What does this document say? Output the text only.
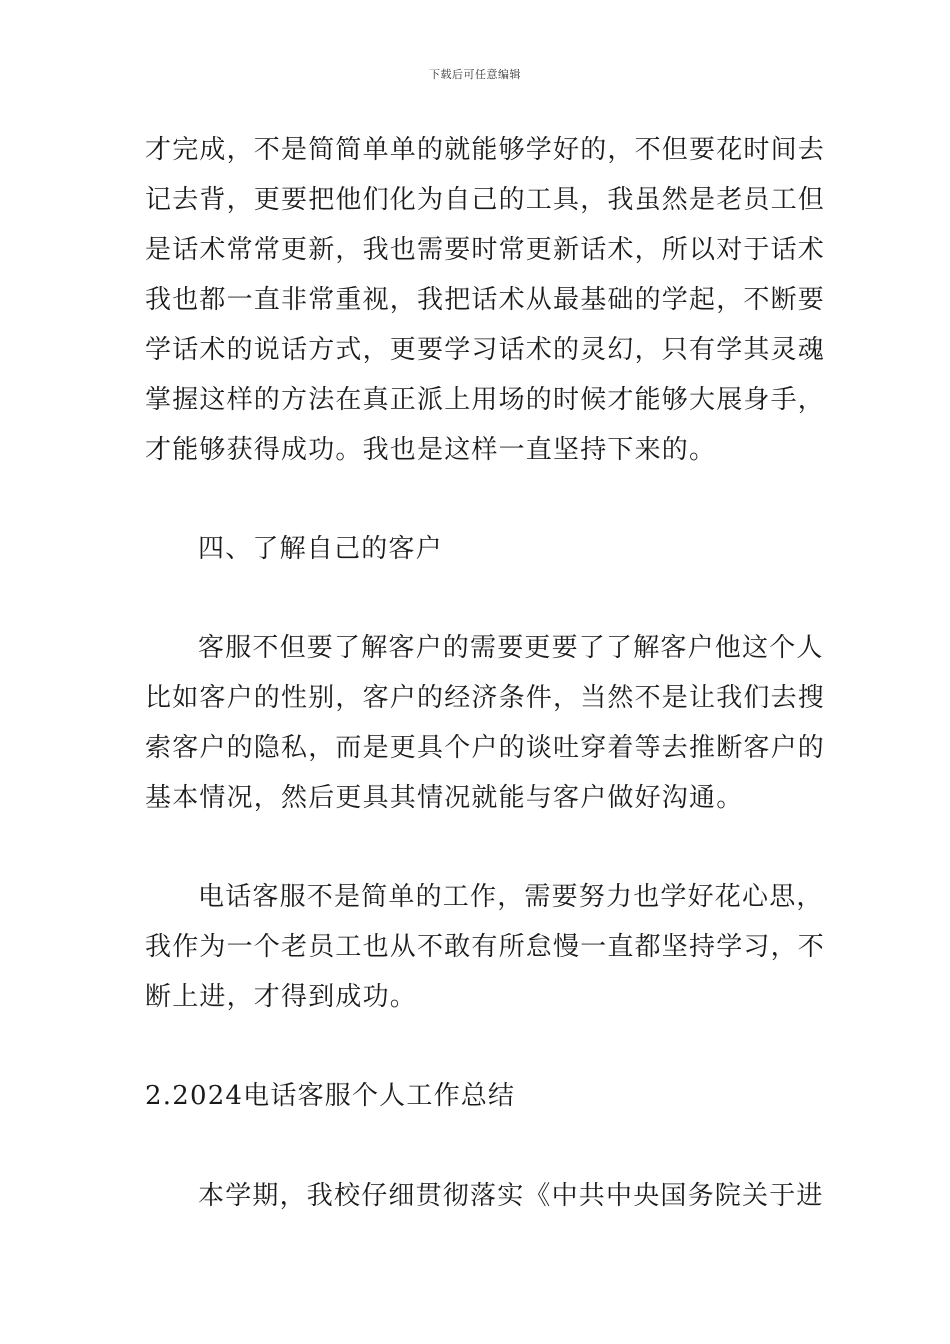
下载后可任意编辑
才完成，不是简简单单的就能够学好的，不但要花时间去
记去背，更要把他们化为自己的工具，我虽然是老员工但
是话术常常更新，我也需要时常更新话术，所以对于话术
我也都一直非常重视，我把话术从最基础的学起，不断要
学话术的说话方式，更要学习话术的灵幻，只有学其灵魂
掌握这样的方法在真正派上用场的时候才能够大展身手，
才能够获得成功。我也是这样一直坚持下来的。
四、了解自己的客户
客服不但要了解客户的需要更要了了解客户他这个人
比如客户的性别，客户的经济条件，当然不是让我们去搜
索客户的隐私，而是更具个户的谈吐穿着等去推断客户的
基本情况，然后更具其情况就能与客户做好沟通。
电话客服不是简单的工作，需要努力也学好花心思，
我作为一个老员工也从不敢有所怠慢一直都坚持学习，不
断上进，才得到成功。
2.2024电话客服个人工作总结
本学期，我校仔细贯彻落实《中共中央国务院关于进
